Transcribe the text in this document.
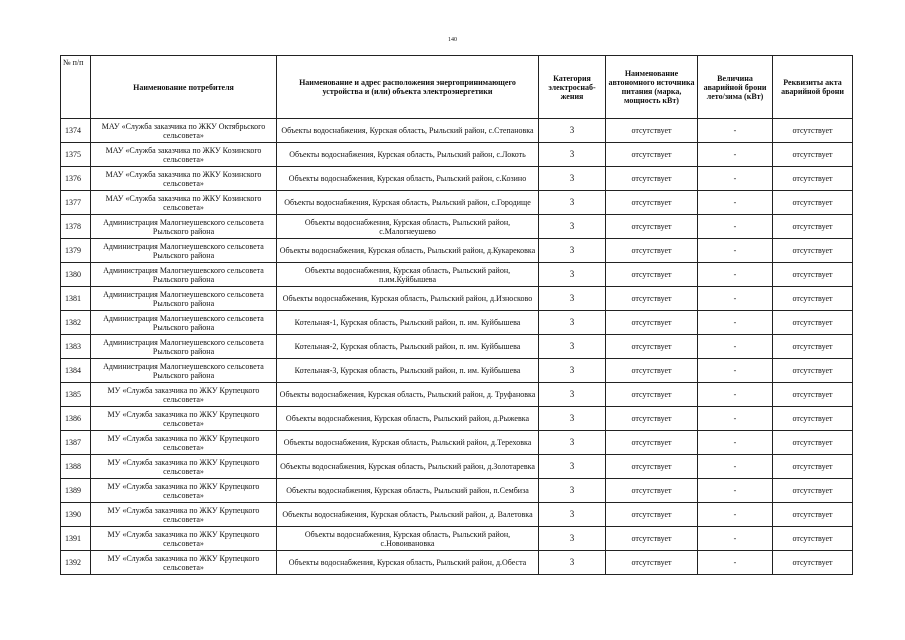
140
№ п/п	Наименование потребителя	Наименование и адрес расположения энергопринимающего устройства и (или) объекта электроэнергетики	Категория электроснаб-жения	Наименование автономного источника питания (марка, мощность кВт)	Величина аварийной брони лето/зима (кВт)	Реквизиты акта аварийной брони
1374	МАУ «Служба заказчика по ЖКУ Октябрьского сельсовета»	Объекты водоснабжения, Курская область, Рыльский район, с.Степановка	3	отсутствует	-	отсутствует
1375	МАУ «Служба заказчика по ЖКУ Козинского сельсовета»	Объекты водоснабжения, Курская область, Рыльский район, с.Локоть	3	отсутствует	-	отсутствует
1376	МАУ «Служба заказчика по ЖКУ Козинского сельсовета»	Объекты водоснабжения, Курская область, Рыльский район, с.Козино	3	отсутствует	-	отсутствует
1377	МАУ «Служба заказчика по ЖКУ Козинского сельсовета»	Объекты водоснабжения, Курская область, Рыльский район, с.Городище	3	отсутствует	-	отсутствует
1378	Администрация Малогнеушевского сельсовета Рыльского района	Объекты водоснабжения, Курская область, Рыльский район, с.Малогнеушево	3	отсутствует	-	отсутствует
1379	Администрация Малогнеушевского сельсовета Рыльского района	Объекты водоснабжения, Курская область, Рыльский район, д.Кукарековка	3	отсутствует	-	отсутствует
1380	Администрация Малогнеушевского сельсовета Рыльского района	Объекты водоснабжения, Курская область, Рыльский район, п.им.Куйбышева	3	отсутствует	-	отсутствует
1381	Администрация Малогнеушевского сельсовета Рыльского района	Объекты водоснабжения, Курская область, Рыльский район, д.Износково	3	отсутствует	-	отсутствует
1382	Администрация Малогнеушевского сельсовета Рыльского района	Котельная-1, Курская область, Рыльский район, п. им. Куйбышева	3	отсутствует	-	отсутствует
1383	Администрация Малогнеушевского сельсовета Рыльского района	Котельная-2, Курская область, Рыльский район, п. им. Куйбышева	3	отсутствует	-	отсутствует
1384	Администрация Малогнеушевского сельсовета Рыльского района	Котельная-3, Курская область, Рыльский район, п. им. Куйбышева	3	отсутствует	-	отсутствует
1385	МУ «Служба заказчика по ЖКУ Крупецкого сельсовета»	Объекты водоснабжения, Курская область, Рыльский район, д. Труфановка	3	отсутствует	-	отсутствует
1386	МУ «Служба заказчика по ЖКУ Крупецкого сельсовета»	Объекты водоснабжения, Курская область, Рыльский район, д.Рыжевка	3	отсутствует	-	отсутствует
1387	МУ «Служба заказчика по ЖКУ Крупецкого сельсовета»	Объекты водоснабжения, Курская область, Рыльский район, д.Тереховка	3	отсутствует	-	отсутствует
1388	МУ «Служба заказчика по ЖКУ Крупецкого сельсовета»	Объекты водоснабжения, Курская область, Рыльский район, д.Золотаревка	3	отсутствует	-	отсутствует
1389	МУ «Служба заказчика по ЖКУ Крупецкого сельсовета»	Объекты водоснабжения, Курская область, Рыльский район, п.Сембиза	3	отсутствует	-	отсутствует
1390	МУ «Служба заказчика по ЖКУ Крупецкого сельсовета»	Объекты водоснабжения, Курская область, Рыльский район, д. Валетовка	3	отсутствует	-	отсутствует
1391	МУ «Служба заказчика по ЖКУ Крупецкого сельсовета»	Объекты водоснабжения, Курская область, Рыльский район, с.Новоивановка	3	отсутствует	-	отсутствует
1392	МУ «Служба заказчика по ЖКУ Крупецкого сельсовета»	Объекты водоснабжения, Курская область, Рыльский район, д.Обеста	3	отсутствует	-	отсутствует
